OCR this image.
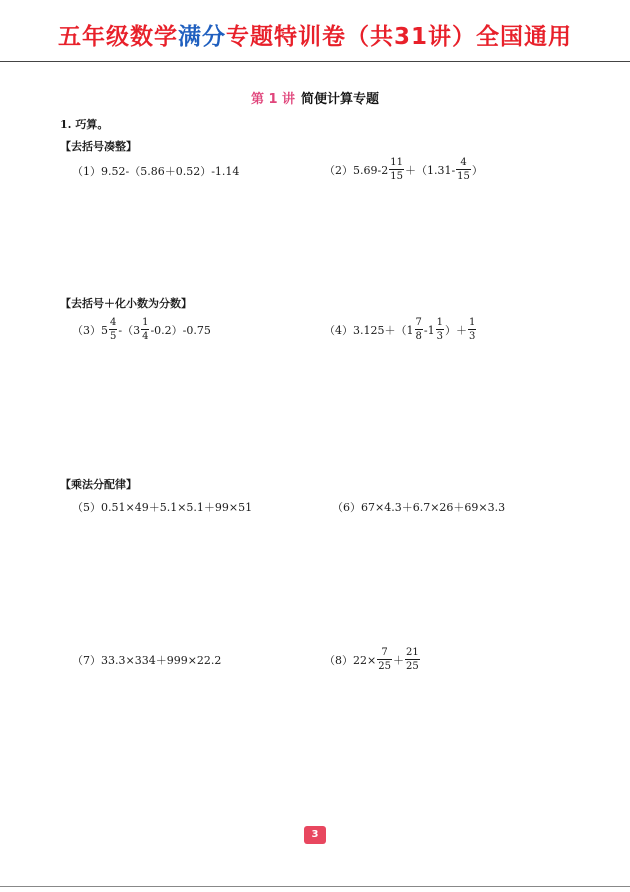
五年级数学满分专题特训卷（共31讲）全国通用
第 1 讲 简便计算专题
1. 巧算。
【去括号凑整】
（1） 9.52-（5.86＋0.52）-1.14	（2） $5.69-2 \frac{11}{15} +(1.31- \frac{4}{15}$ ）
【去括号＋化小数为分数】
（3） $5 \frac{4}{5} -(3 \frac{1}{4} -0.2)-0.75$	（4） $3.125+(1 \frac{7}{8} -1 \frac{1}{3}$ ）＋ $\frac{1}{3}$
【乘法分配律】
（5） 0.51×49＋5.1×5.1＋99×51	（6） 67×4.3＋6.7×26＋69×3.3
（7） 33.3×334＋999×22.2	（8） $22\times \frac{7}{25} + \frac{21}{25}$
3
